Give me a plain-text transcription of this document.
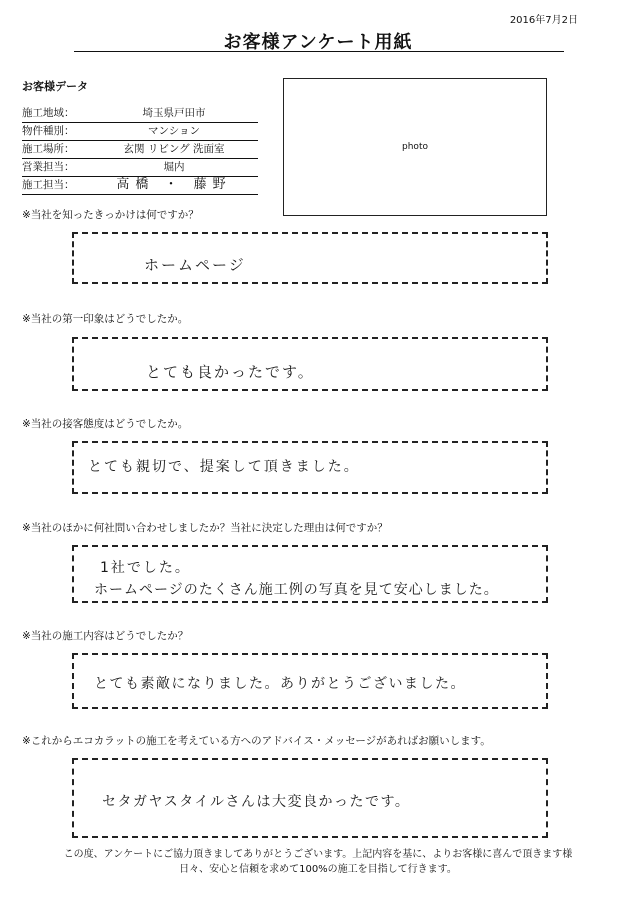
2016年7月2日
お客様アンケート用紙
お客様データ
施工地域：	埼玉県戸田市
物件種別：	マンション
施工場所：	玄関 リビング 洗面室
営業担当：	堀内
施工担当：	高橋 ・ 藤野
photo
※当社を知ったきっかけは何ですか？
ホームページ
※当社の第一印象はどうでしたか。
とても良かったです。
※当社の接客態度はどうでしたか。
とても親切で、提案して頂きました。
※当社のほかに何社問い合わせしましたか？当社に決定した理由は何ですか？
1社でした。
ホームページのたくさん施工例の写真を見て安心しました。
※当社の施工内容はどうでしたか？
とても素敵になりました。ありがとうございました。
※これからエコカラットの施工を考えている方へのアドバイス・メッセージがあればお願いします。
セタガヤスタイルさんは大変良かったです。
この度、アンケートにご協力頂きましてありがとうございます。上記内容を基に、よりお客様に喜んで頂きます様
日々、安心と信頼を求めて100%の施工を目指して行きます。
